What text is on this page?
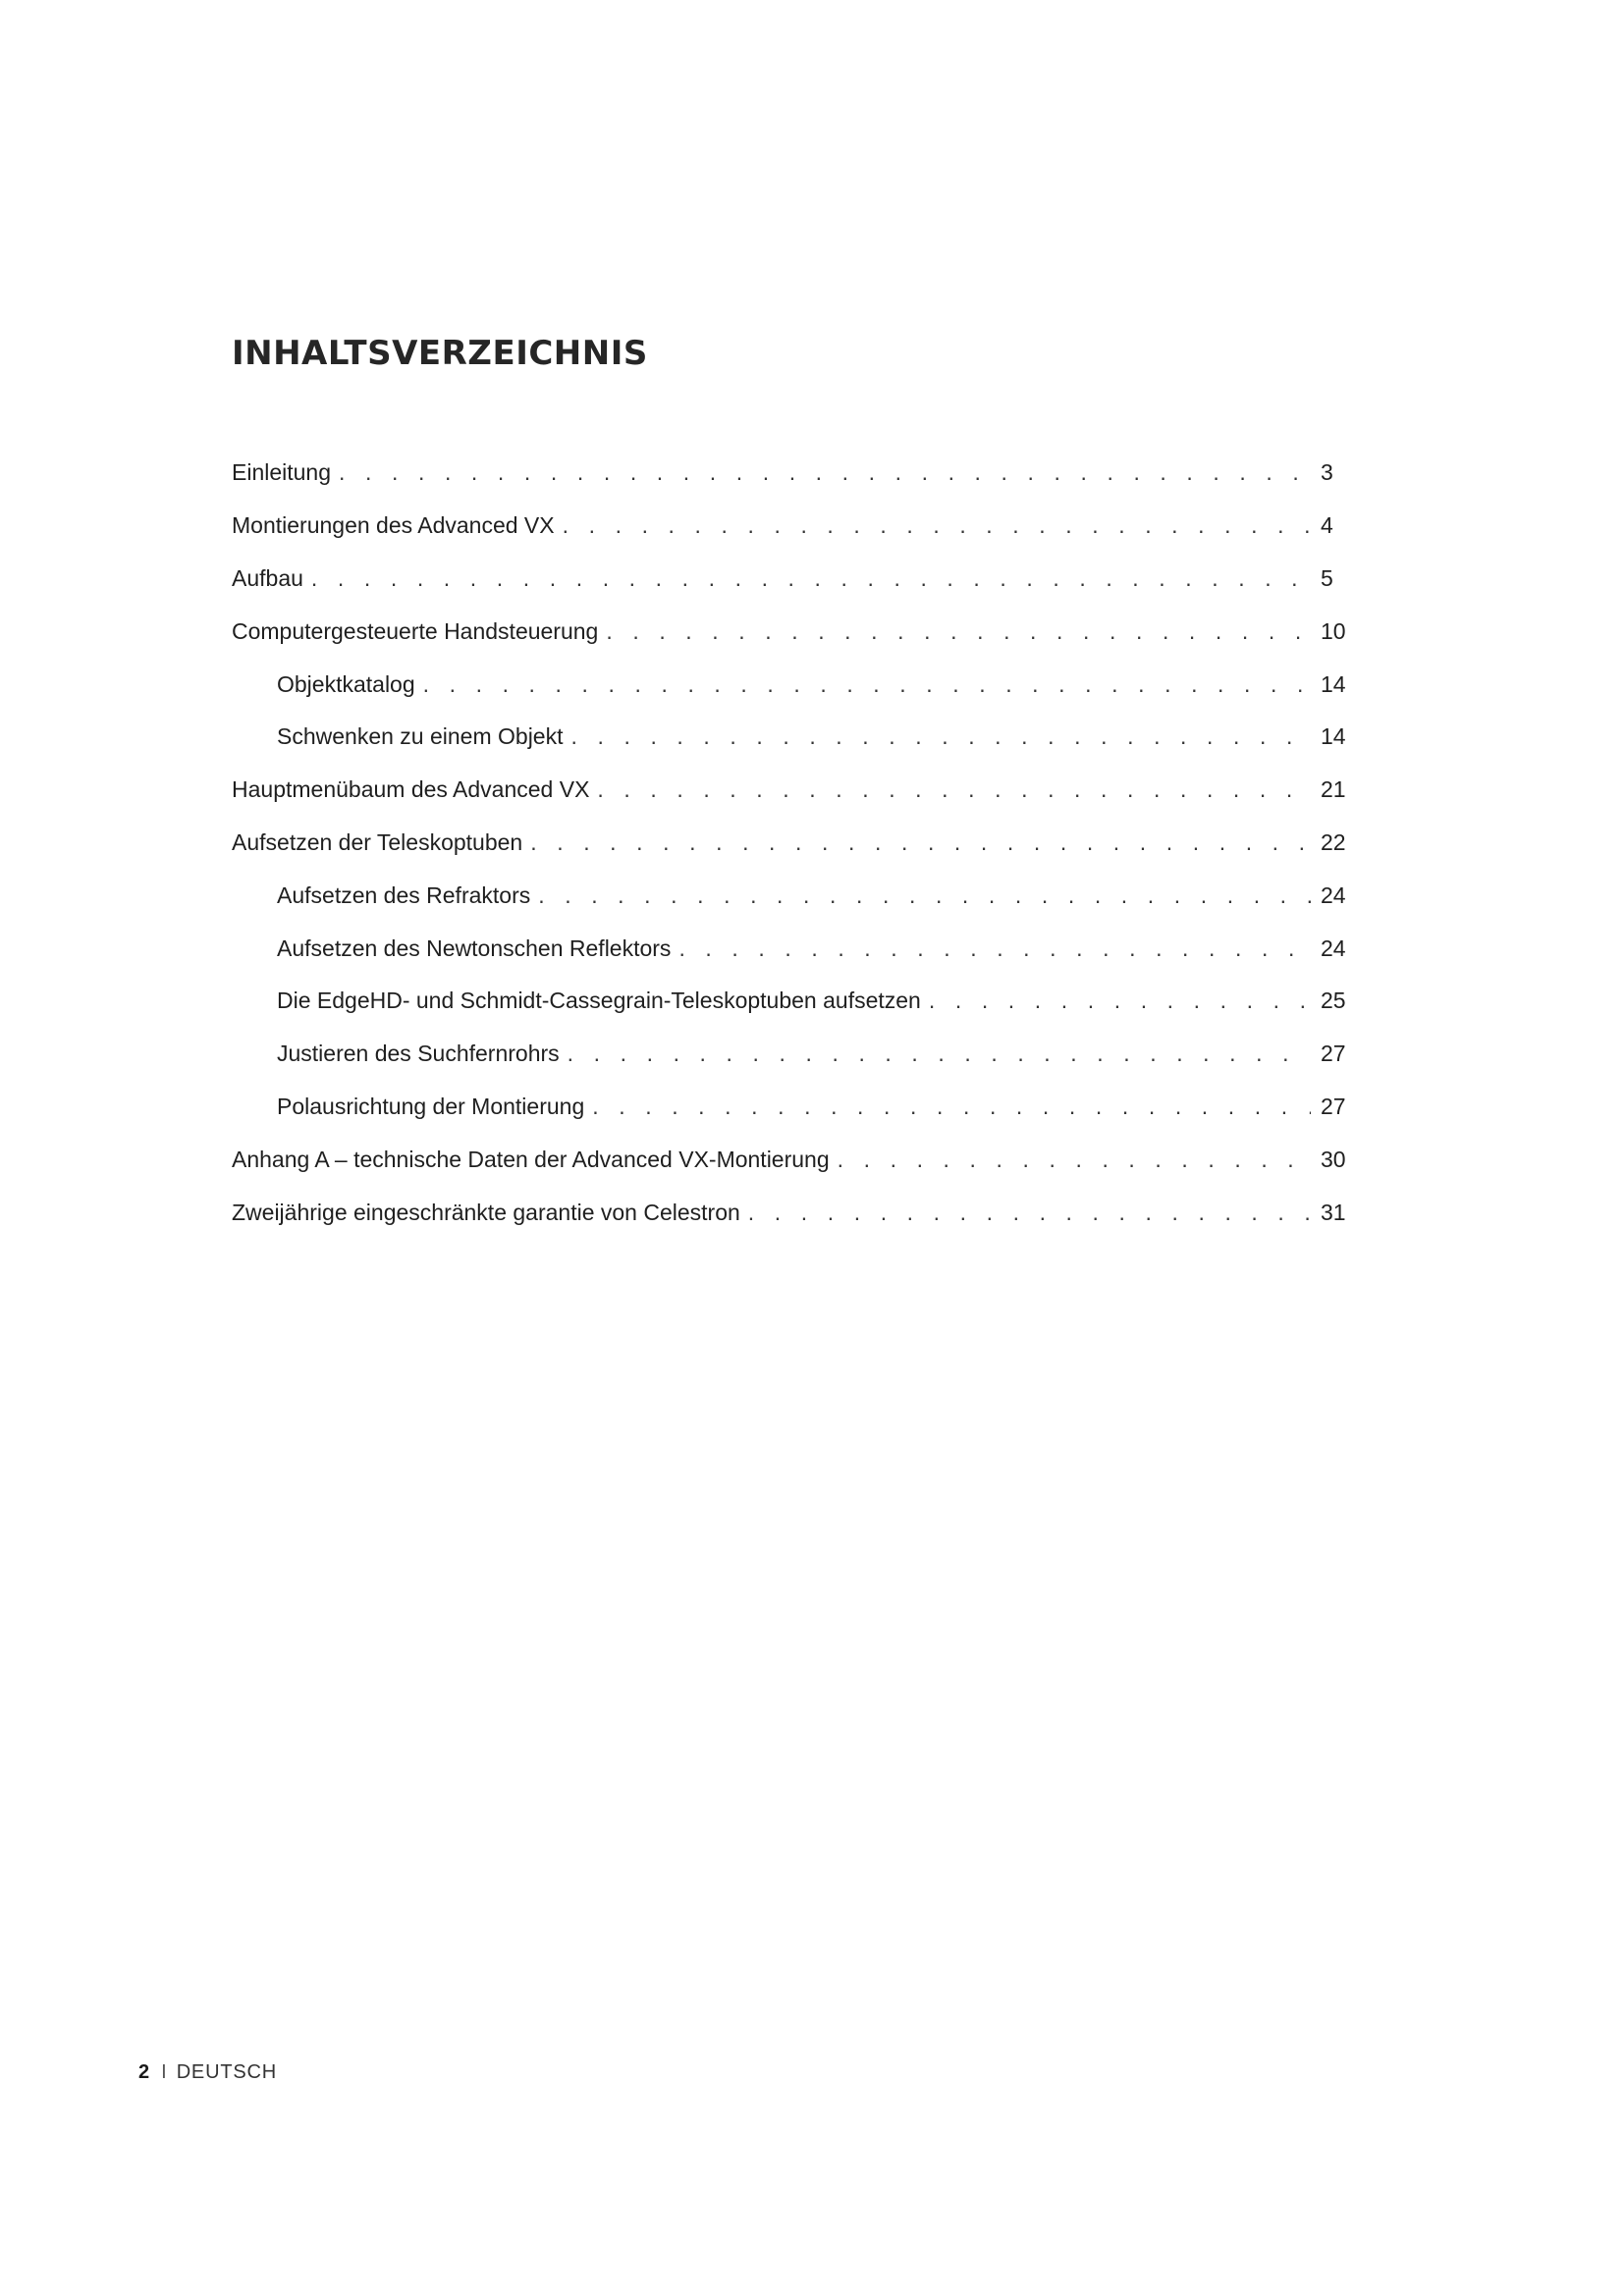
INHALTSVERZEICHNIS
Einleitung . . .	3
Montierungen des Advanced VX . . .	4
Aufbau . . .	5
Computergesteuerte Handsteuerung . . .	10
Objektkatalog . . .	14
Schwenken zu einem Objekt . . .	14
Hauptmenübaum des Advanced VX . . .	21
Aufsetzen der Teleskoptuben . . .	22
Aufsetzen des Refraktors . . .	24
Aufsetzen des Newtonschen Reflektors . . .	24
Die EdgeHD- und Schmidt-Cassegrain-Teleskoptuben aufsetzen . . .	25
Justieren des Suchfernrohrs . . .	27
Polausrichtung der Montierung . . .	27
Anhang A – technische Daten der Advanced VX-Montierung . . .	30
Zweijährige eingeschränkte garantie von Celestron . . .	31
2 I DEUTSCH
